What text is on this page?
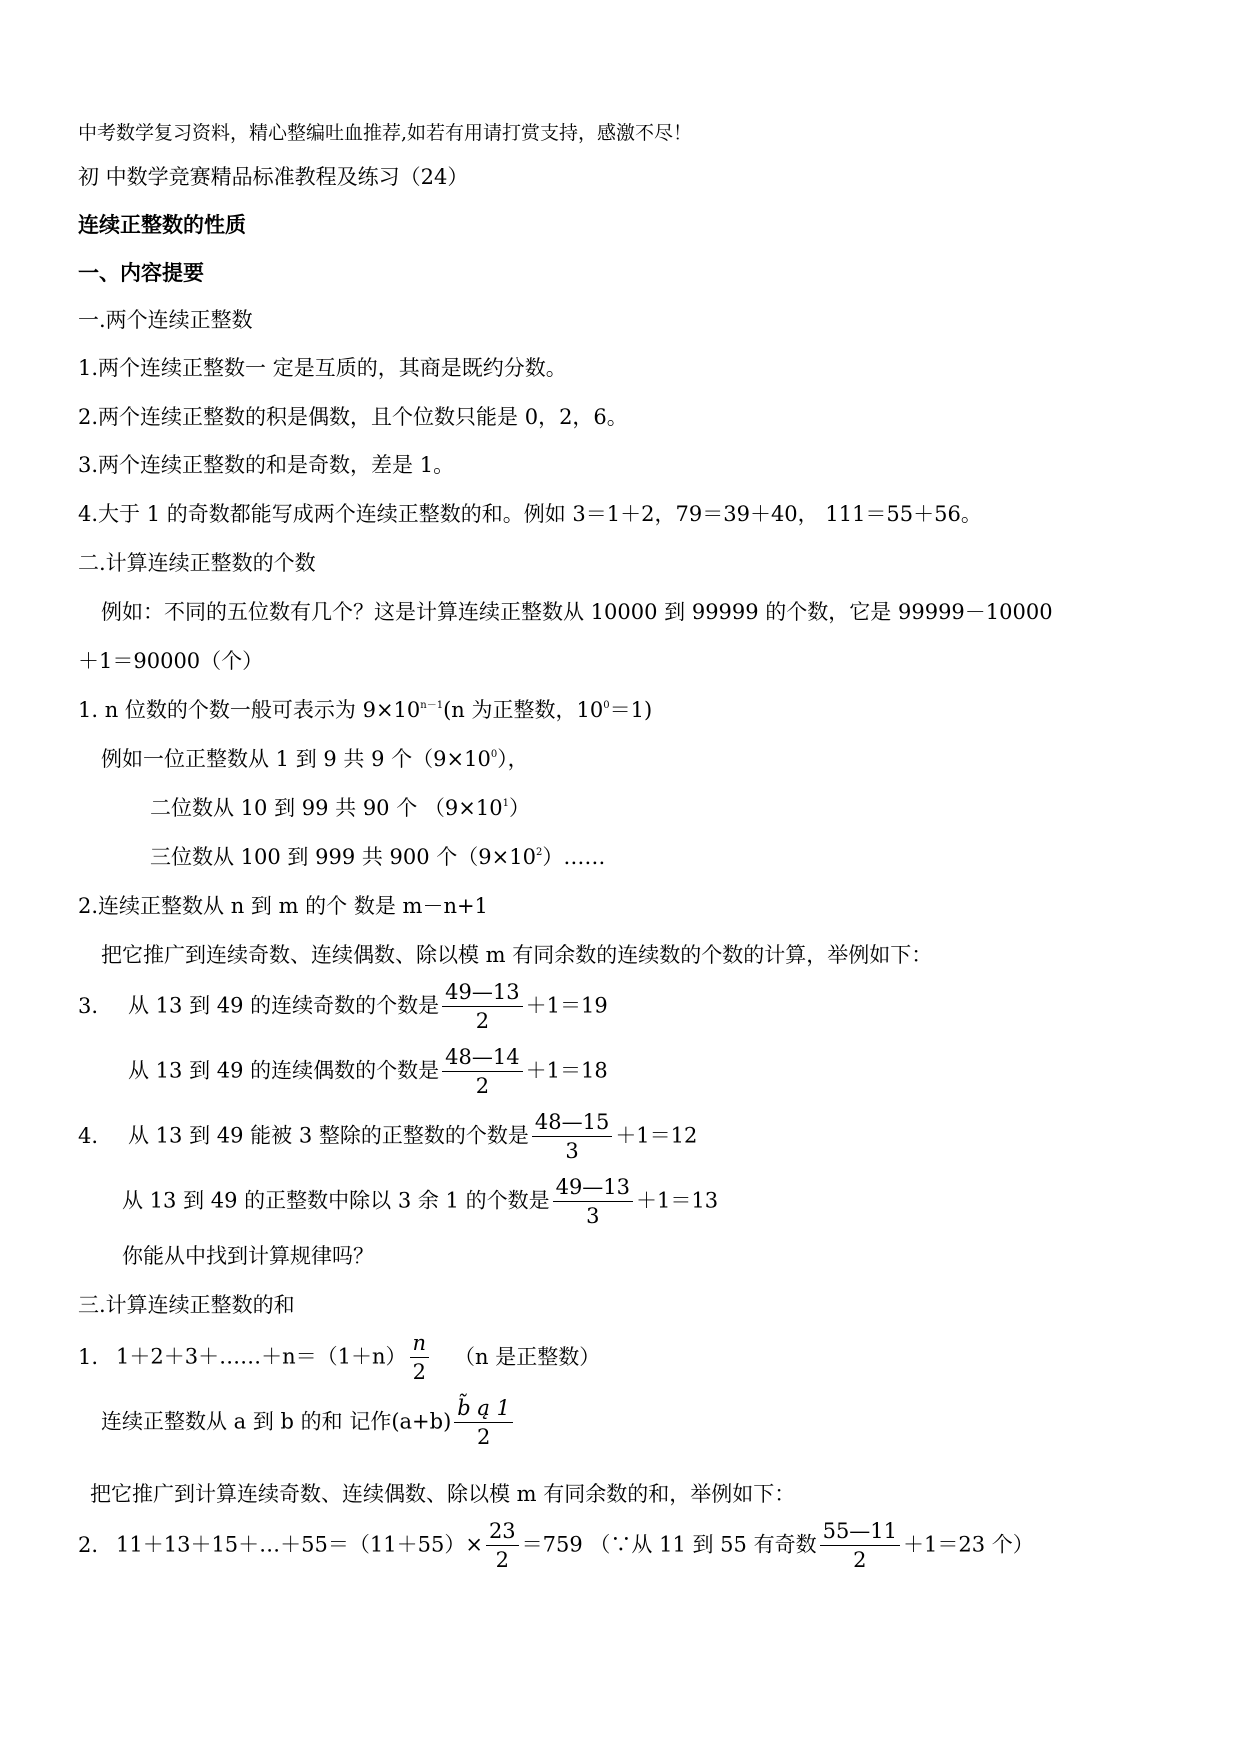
中考数学复习资料，精心整编吐血推荐,如若有用请打赏支持，感激不尽！
初 中数学竞赛精品标准教程及练习（24）
连续正整数的性质
一、内容提要
一.两个连续正整数
1.两个连续正整数一 定是互质的，其商是既约分数。
2.两个连续正整数的积是偶数，且个位数只能是 0，2，6。
3.两个连续正整数的和是奇数，差是 1。
4.大于 1 的奇数都能写成两个连续正整数的和。例如 3＝1＋2，79＝39＋40， 111＝55＋56。
二.计算连续正整数的个数
例如：不同的五位数有几个？这是计算连续正整数从 10000 到 99999 的个数，它是 99999－10000
＋1＝90000（个）
1. n 位数的个数一般可表示为 $9\times 10^{n-1}(n$ 为正整数，$10^0=1$)
例如一位正整数从 1 到 9 共 9 个$(9\times 10^0)$，
二位数从 10 到 99 共 90 个 $(9\times 10^1)$
三位数从 100 到 999 共 900 个$(9\times 10^2)\dots\dots$
2.连续正整数从 n 到 m 的个 数是 m－n+1
把它推广到连续奇数、连续偶数、除以模 m 有同余数的连续数的个数的计算，举例如下：
3. 从 13 到 49 的连续奇数的个数是 $\frac{49—13}{2} +1=19$
从 13 到 49 的连续偶数的个数是 $\frac{48—14}{2} +1=18$
4. 从 13 到 49 能被 3 整除的正整数的个数是 $\frac{48—15}{3} +1=12$
从 13 到 49 的正整数中除以 3 余 1 的个数是 $\frac{49—13}{3} +1=13$
你能从中找到计算规律吗？
三.计算连续正整数的和
1. 1＋2＋3＋……＋n＝（1＋n） $\frac{n}{2} (n$ 是正整数）
连续正整数从 a 到 b 的和 记作$(a+b) \frac{b̃ ą 1}{2}$
把它推广到计算连续奇数、连续偶数、除以模 m 有同余数的和，举例如下：
2. 11＋13＋15＋…＋55＝（11＋55）× $\frac{23}{2} =759$ （∵从 11 到 55 有奇数 $\frac{55—11}{2} +1=23$ 个）
